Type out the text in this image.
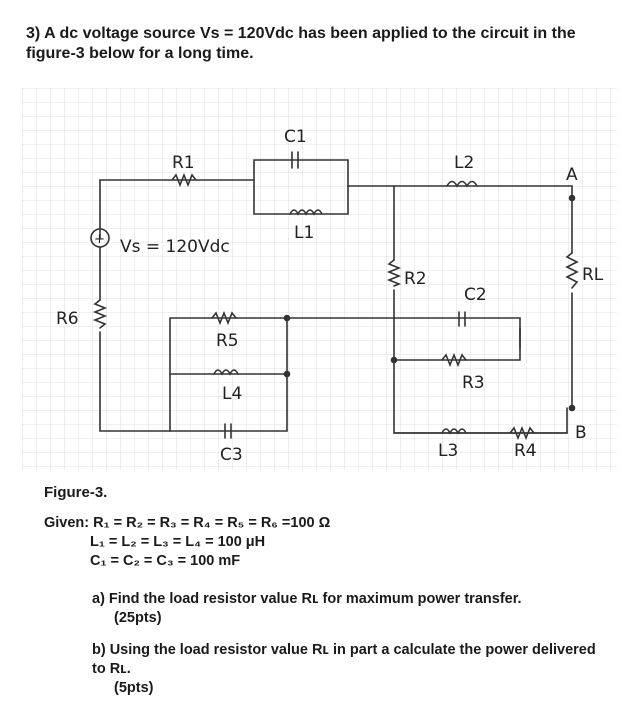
3) A dc voltage source Vs = 120Vdc has been applied to the circuit in the figure-3 below for a long time.
C1
R1
L1
L2
A
+ Vs = 120Vdc
R2	RL
R6
R5
C2
R3
L4
L3	R4
B
C3
Figure-3.
Given: R₁ = R₂ = R₃ = R₄ = R₅ = R₆ =100 Ω
L₁ = L₂ = L₃ = L₄ = 100 μH
C₁ = C₂ = C₃ = 100 mF
a) Find the load resistor value Rʟ for maximum power transfer.
(25pts)
b) Using the load resistor value Rʟ in part a calculate the power delivered to Rʟ.
(5pts)
